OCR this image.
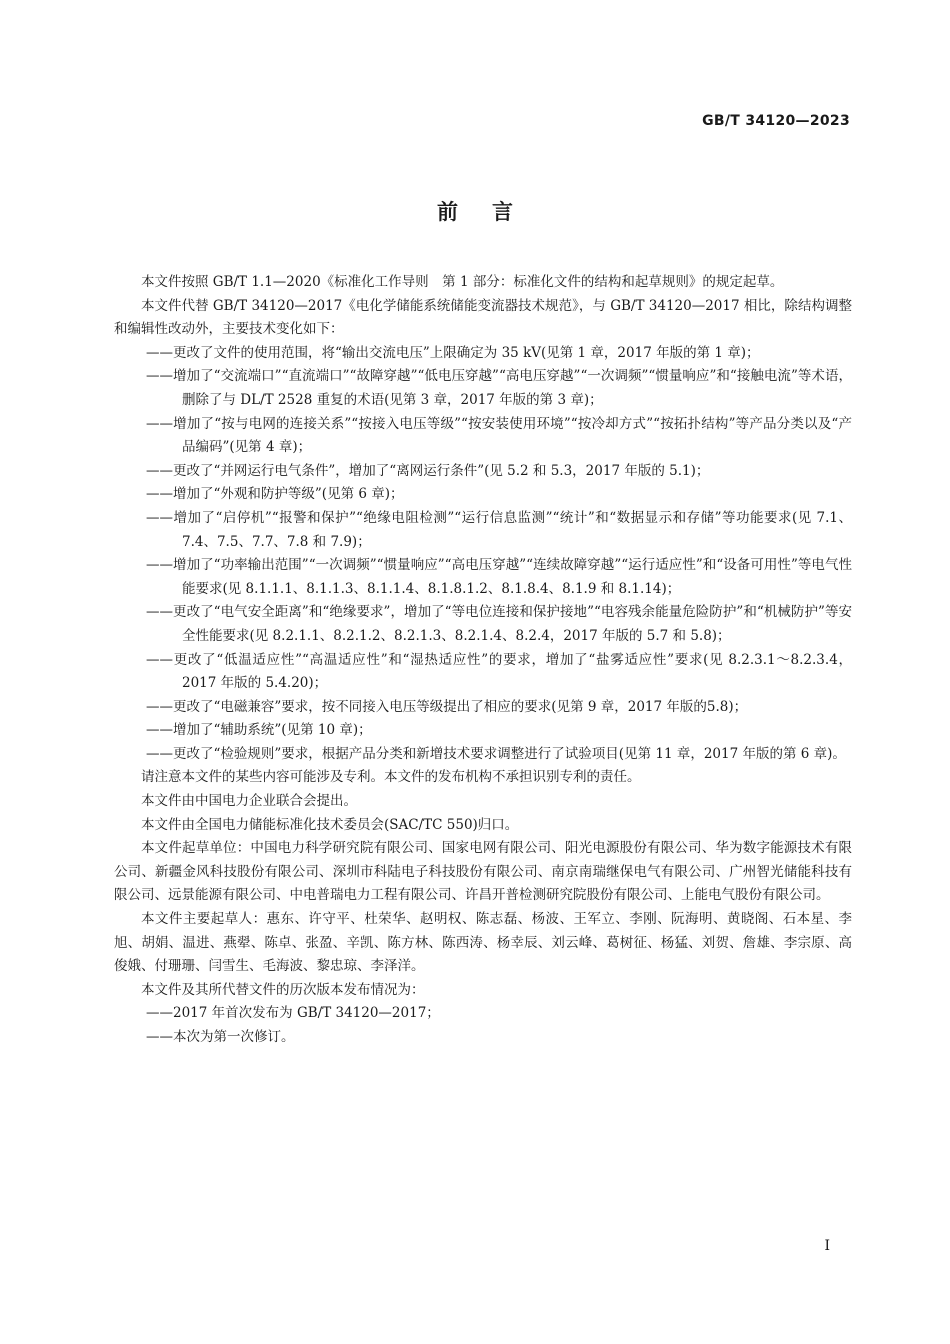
GB/T 34120—2023
前言

本文件按照 GB/T 1.1—2020《标准化工作导则　第 1 部分：标准化文件的结构和起草规则》的规定起草。

本文件代替 GB/T 34120—2017《电化学储能系统储能变流器技术规范》，与 GB/T 34120—2017 相比，除结构调整和编辑性改动外，主要技术变化如下：

——更改了文件的使用范围，将“输出交流电压”上限确定为 35 kV(见第 1 章，2017 年版的第 1 章)；

——增加了“交流端口”“直流端口”“故障穿越”“低电压穿越”“高电压穿越”“一次调频”“惯量响应”和“接触电流”等术语，删除了与 DL/T 2528 重复的术语(见第 3 章，2017 年版的第 3 章)；

——增加了“按与电网的连接关系”“按接入电压等级”“按安装使用环境”“按冷却方式”“按拓扑结构”等产品分类以及“产品编码”(见第 4 章)；

——更改了“并网运行电气条件”，增加了“离网运行条件”(见 5.2 和 5.3，2017 年版的 5.1)；

——增加了“外观和防护等级”(见第 6 章)；

——增加了“启停机”“报警和保护”“绝缘电阻检测”“运行信息监测”“统计”和“数据显示和存储”等功能要求(见 7.1、7.4、7.5、7.7、7.8 和 7.9)；

——增加了“功率输出范围”“一次调频”“惯量响应”“高电压穿越”“连续故障穿越”“运行适应性”和“设备可用性”等电气性能要求(见 8.1.1.1、8.1.1.3、8.1.1.4、8.1.8.1.2、8.1.8.4、8.1.9 和 8.1.14)；

——更改了“电气安全距离”和“绝缘要求”，增加了“等电位连接和保护接地”“电容残余能量危险防护”和“机械防护”等安全性能要求(见 8.2.1.1、8.2.1.2、8.2.1.3、8.2.1.4、8.2.4，2017 年版的 5.7 和 5.8)；

——更改了“低温适应性”“高温适应性”和“湿热适应性”的要求，增加了“盐雾适应性”要求(见 8.2.3.1～8.2.3.4，2017 年版的 5.4.20)；

——更改了“电磁兼容”要求，按不同接入电压等级提出了相应的要求(见第 9 章，2017 年版的5.8)；

——增加了“辅助系统”(见第 10 章)；

——更改了“检验规则”要求，根据产品分类和新增技术要求调整进行了试验项目(见第 11 章，2017 年版的第 6 章)。

请注意本文件的某些内容可能涉及专利。本文件的发布机构不承担识别专利的责任。

本文件由中国电力企业联合会提出。

本文件由全国电力储能标准化技术委员会(SAC/TC 550)归口。

本文件起草单位：中国电力科学研究院有限公司、国家电网有限公司、阳光电源股份有限公司、华为数字能源技术有限公司、新疆金风科技股份有限公司、深圳市科陆电子科技股份有限公司、南京南瑞继保电气有限公司、广州智光储能科技有限公司、远景能源有限公司、中电普瑞电力工程有限公司、许昌开普检测研究院股份有限公司、上能电气股份有限公司。

本文件主要起草人：惠东、许守平、杜荣华、赵明权、陈志磊、杨波、王军立、李刚、阮海明、黄晓阁、石本星、李旭、胡娟、温进、燕翚、陈卓、张盈、辛凯、陈方林、陈西涛、杨幸辰、刘云峰、葛树征、杨猛、刘贺、詹雄、李宗原、高俊娥、付珊珊、闫雪生、毛海波、黎忠琼、李泽洋。

本文件及其所代替文件的历次版本发布情况为：

——2017 年首次发布为 GB/T 34120—2017；

——本次为第一次修订。

I
